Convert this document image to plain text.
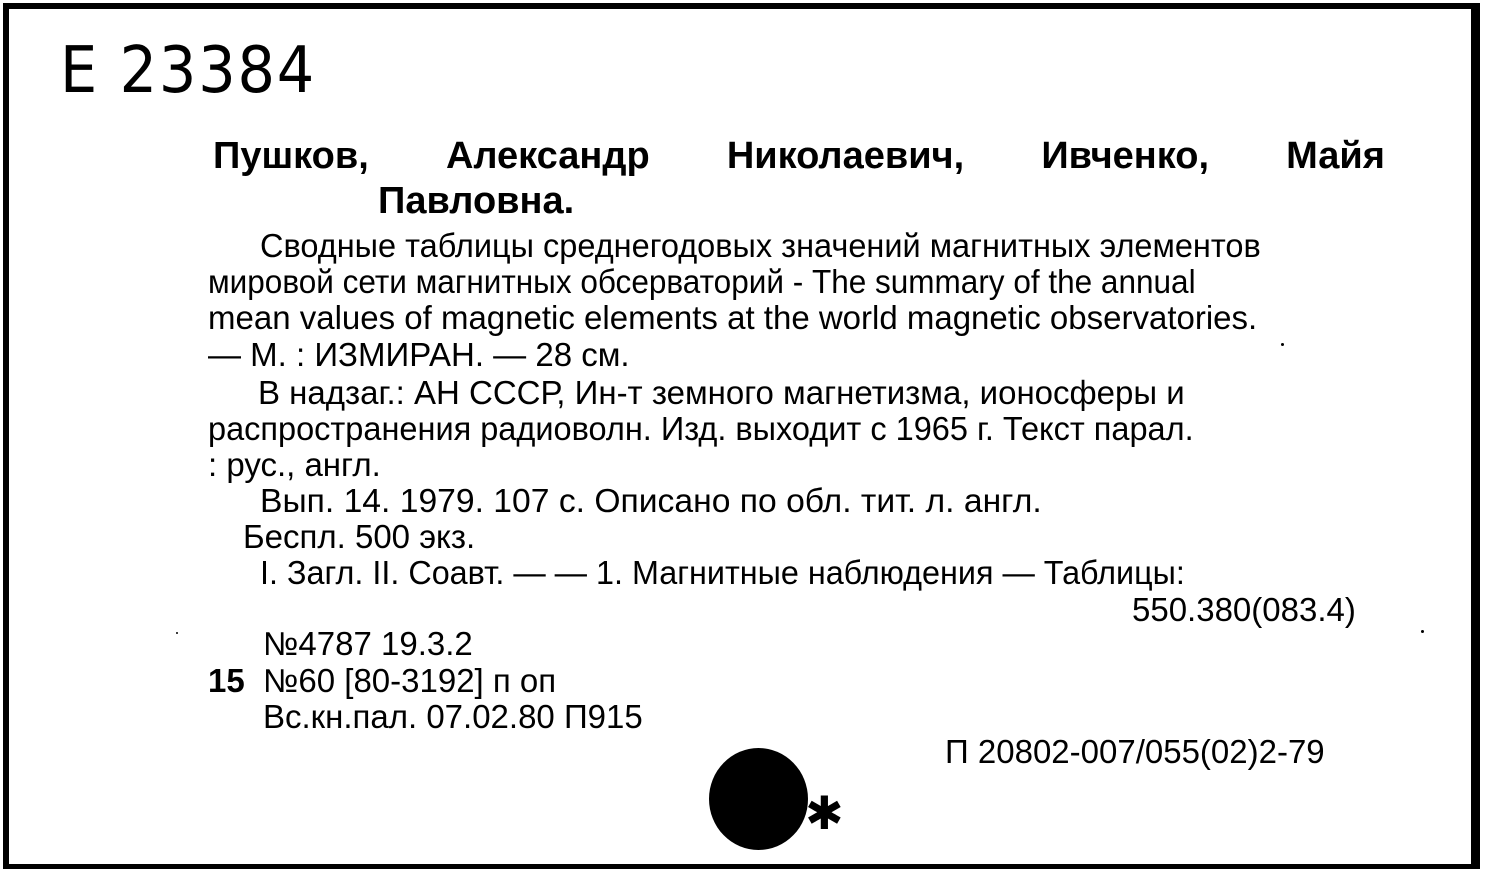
E 23384
Пушков, Александр Николаевич, Ивченко, Майя
Павловна.
Сводные таблицы среднегодовых значений магнитных элементов
мировой сети магнитных обсерваторий - The summary of the annual
mean values of magnetic elements at the world magnetic observatories.
— М. : ИЗМИРАН. — 28 см.
В надзаг.: АН СССР, Ин-т земного магнетизма, ионосферы и
распространения радиоволн. Изд. выходит с 1965 г. Текст парал.
: рус., англ.
Вып. 14. 1979. 107 с. Описано по обл. тит. л. англ.
Беспл. 500 экз.
I. Загл. II. Соавт. — — 1. Магнитные наблюдения — Таблицы:
550.380(083.4)
№4787 19.3.2
15 №60 [80-3192] п оп
Вс.кн.пал. 07.02.80 П915
П 20802-007/055(02)2-79
✱
